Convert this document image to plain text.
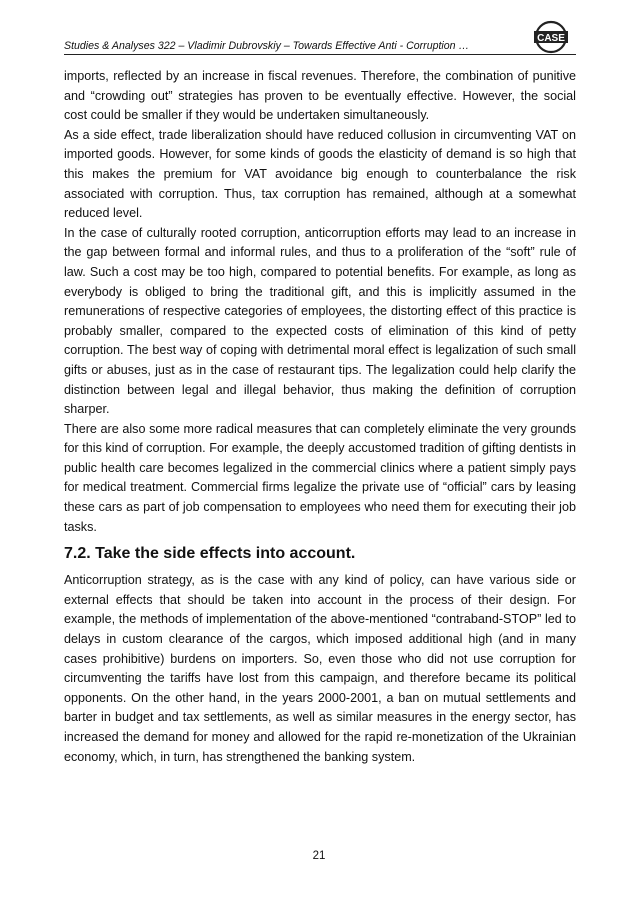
Studies & Analyses 322 – Vladimir Dubrovskiy – Towards Effective Anti - Corruption …
CASE

imports, reflected by an increase in fiscal revenues. Therefore, the combination of punitive and “crowding out” strategies has proven to be eventually effective. However, the social cost could be smaller if they would be undertaken simultaneously.

As a side effect, trade liberalization should have reduced collusion in circumventing VAT on imported goods. However, for some kinds of goods the elasticity of demand is so high that this makes the premium for VAT avoidance big enough to counterbalance the risk associated with corruption. Thus, tax corruption has remained, although at a somewhat reduced level.

In the case of culturally rooted corruption, anticorruption efforts may lead to an increase in the gap between formal and informal rules, and thus to a proliferation of the “soft” rule of law. Such a cost may be too high, compared to potential benefits. For example, as long as everybody is obliged to bring the traditional gift, and this is implicitly assumed in the remunerations of respective categories of employees, the distorting effect of this practice is probably smaller, compared to the expected costs of elimination of this kind of petty corruption. The best way of coping with detrimental moral effect is legalization of such small gifts or abuses, just as in the case of restaurant tips. The legalization could help clarify the distinction between legal and illegal behavior, thus making the definition of corruption sharper.

There are also some more radical measures that can completely eliminate the very grounds for this kind of corruption. For example, the deeply accustomed tradition of gifting dentists in public health care becomes legalized in the commercial clinics where a patient simply pays for medical treatment. Commercial firms legalize the private use of “official” cars by leasing these cars as part of job compensation to employees who need them for executing their job tasks.

7.2. Take the side effects into account.

Anticorruption strategy, as is the case with any kind of policy, can have various side or external effects that should be taken into account in the process of their design. For example, the methods of implementation of the above-mentioned “contraband-STOP” led to delays in custom clearance of the cargos, which imposed additional high (and in many cases prohibitive) burdens on importers. So, even those who did not use corruption for circumventing the tariffs have lost from this campaign, and therefore became its political opponents. On the other hand, in the years 2000-2001, a ban on mutual settlements and barter in budget and tax settlements, as well as similar measures in the energy sector, has increased the demand for money and allowed for the rapid re-monetization of the Ukrainian economy, which, in turn, has strengthened the banking system.

21
